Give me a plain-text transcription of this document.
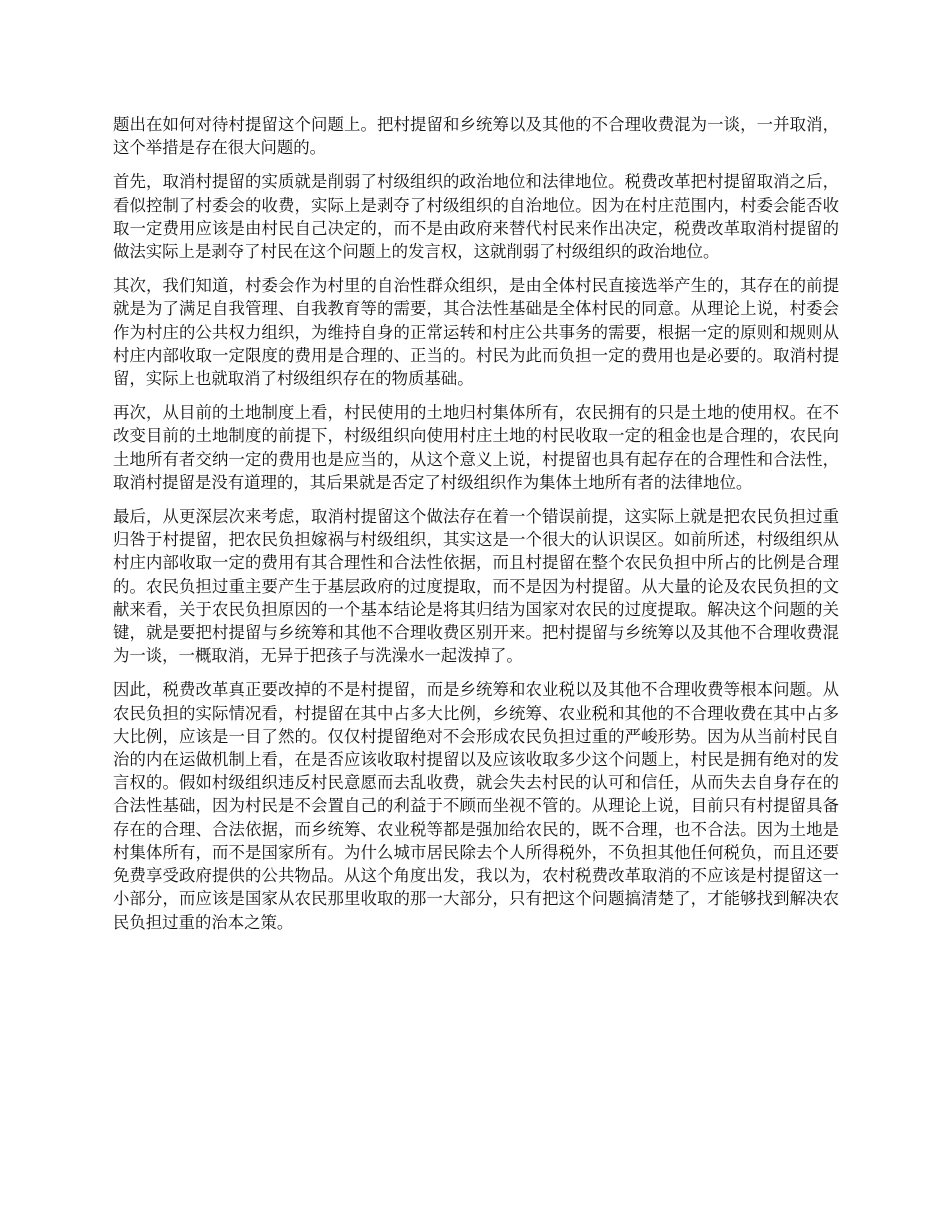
题出在如何对待村提留这个问题上。把村提留和乡统筹以及其他的不合理收费混为一谈，一并取消，这个举措是存在很大问题的。

首先，取消村提留的实质就是削弱了村级组织的政治地位和法律地位。税费改革把村提留取消之后，看似控制了村委会的收费，实际上是剥夺了村级组织的自治地位。因为在村庄范围内，村委会能否收取一定费用应该是由村民自己决定的，而不是由政府来替代村民来作出决定，税费改革取消村提留的做法实际上是剥夺了村民在这个问题上的发言权，这就削弱了村级组织的政治地位。

其次，我们知道，村委会作为村里的自治性群众组织，是由全体村民直接选举产生的，其存在的前提就是为了满足自我管理、自我教育等的需要，其合法性基础是全体村民的同意。从理论上说，村委会作为村庄的公共权力组织，为维持自身的正常运转和村庄公共事务的需要，根据一定的原则和规则从村庄内部收取一定限度的费用是合理的、正当的。村民为此而负担一定的费用也是必要的。取消村提留，实际上也就取消了村级组织存在的物质基础。

再次，从目前的土地制度上看，村民使用的土地归村集体所有，农民拥有的只是土地的使用权。在不改变目前的土地制度的前提下，村级组织向使用村庄土地的村民收取一定的租金也是合理的，农民向土地所有者交纳一定的费用也是应当的，从这个意义上说，村提留也具有起存在的合理性和合法性，取消村提留是没有道理的，其后果就是否定了村级组织作为集体土地所有者的法律地位。

最后，从更深层次来考虑，取消村提留这个做法存在着一个错误前提，这实际上就是把农民负担过重归咎于村提留，把农民负担嫁祸与村级组织，其实这是一个很大的认识误区。如前所述，村级组织从村庄内部收取一定的费用有其合理性和合法性依据，而且村提留在整个农民负担中所占的比例是合理的。农民负担过重主要产生于基层政府的过度提取，而不是因为村提留。从大量的论及农民负担的文献来看，关于农民负担原因的一个基本结论是将其归结为国家对农民的过度提取。解决这个问题的关键，就是要把村提留与乡统筹和其他不合理收费区别开来。把村提留与乡统筹以及其他不合理收费混为一谈，一概取消，无异于把孩子与洗澡水一起泼掉了。

因此，税费改革真正要改掉的不是村提留，而是乡统筹和农业税以及其他不合理收费等根本问题。从农民负担的实际情况看，村提留在其中占多大比例，乡统筹、农业税和其他的不合理收费在其中占多大比例，应该是一目了然的。仅仅村提留绝对不会形成农民负担过重的严峻形势。因为从当前村民自治的内在运做机制上看，在是否应该收取村提留以及应该收取多少这个问题上，村民是拥有绝对的发言权的。假如村级组织违反村民意愿而去乱收费，就会失去村民的认可和信任，从而失去自身存在的合法性基础，因为村民是不会置自己的利益于不顾而坐视不管的。从理论上说，目前只有村提留具备存在的合理、合法依据，而乡统筹、农业税等都是强加给农民的，既不合理，也不合法。因为土地是村集体所有，而不是国家所有。为什么城市居民除去个人所得税外，不负担其他任何税负，而且还要免费享受政府提供的公共物品。从这个角度出发，我以为，农村税费改革取消的不应该是村提留这一小部分，而应该是国家从农民那里收取的那一大部分，只有把这个问题搞清楚了，才能够找到解决农民负担过重的治本之策。
